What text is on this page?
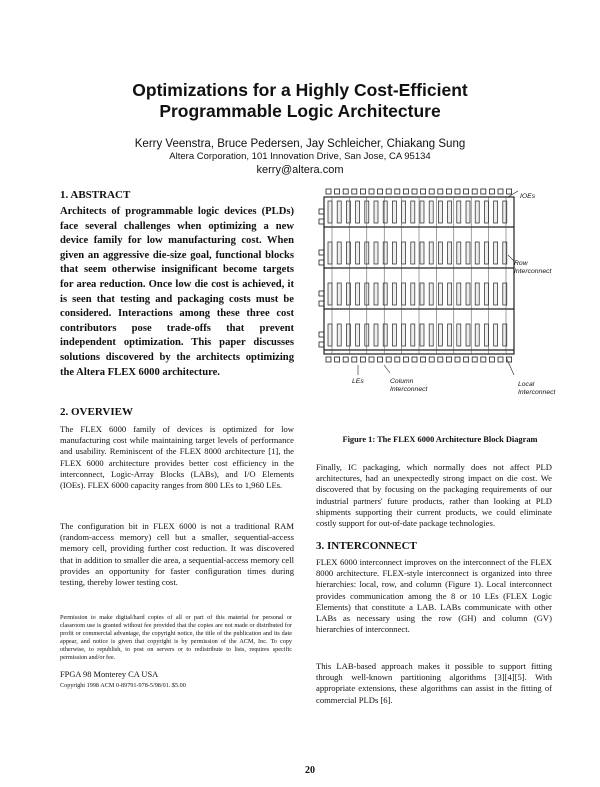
Optimizations for a Highly Cost-Efficient
Programmable Logic Architecture
Kerry Veenstra, Bruce Pedersen, Jay Schleicher, Chiakang Sung
Altera Corporation, 101 Innovation Drive, San Jose, CA 95134
kerry@altera.com
1. ABSTRACT
Architects of programmable logic devices (PLDs) face several challenges when optimizing a new device family for low manufacturing cost. When given an aggressive die-size goal, functional blocks that seem otherwise insignificant become targets for area reduction. Once low die cost is achieved, it is seen that testing and packaging costs must be considered. Interactions among these three cost contributors pose trade-offs that prevent independent optimization. This paper discusses solutions discovered by the architects optimizing the Altera FLEX 6000 architecture.
2. OVERVIEW
The FLEX 6000 family of devices is optimized for low manufacturing cost while maintaining target levels of performance and usability. Reminiscent of the FLEX 8000 architecture [1], the FLEX 6000 architecture provides better cost efficiency in the interconnect, Logic-Array Blocks (LABs), and I/O Elements (IOEs). FLEX 6000 capacity ranges from 800 LEs to 1,960 LEs.
The configuration bit in FLEX 6000 is not a traditional RAM (random-access memory) cell but a smaller, sequential-access memory cell, providing further cost reduction. It was discovered that in addition to smaller die area, a sequential-access memory cell provides an opportunity for faster configuration times during testing, thereby lower testing cost.
Permission to make digital/hard copies of all or part of this material for personal or classroom use is granted without fee provided that the copies are not made or distributed for profit or commercial advantage, the copyright notice, the title of the publication and its date appear, and notice is given that copyright is by permission of the ACM, Inc. To copy otherwise, to republish, to post on servers or to redistribute to lists, requires specific permission and/or fee.
FPGA 98 Monterey CA USA
Copyright 1998 ACM 0-89791-978-5/98/01..$5.00
IOEs
Row
Interconnect
Local
Interconnect
LEs	Column
Interconnect
Figure 1: The FLEX 6000 Architecture Block Diagram
Finally, IC packaging, which normally does not affect PLD architectures, had an unexpectedly strong impact on die cost. We discovered that by focusing on the packaging requirements of our industrial partners' future products, rather than looking at PLD shipments supporting their current products, we could eliminate costly support for out-of-date package technologies.
3. INTERCONNECT
FLEX 6000 interconnect improves on the interconnect of the FLEX 8000 architecture. FLEX-style interconnect is organized into three hierarchies: local, row, and column (Figure 1). Local interconnect provides communication among the 8 or 10 LEs (FLEX Logic Elements) that constitute a LAB. LABs communicate with other LABs as necessary using the row (GH) and column (GV) hierarchies of interconnect.
This LAB-based approach makes it possible to support fitting through well-known partitioning algorithms [3][4][5]. With appropriate extensions, these algorithms can assist in the fitting of commercial PLDs [6].
20
